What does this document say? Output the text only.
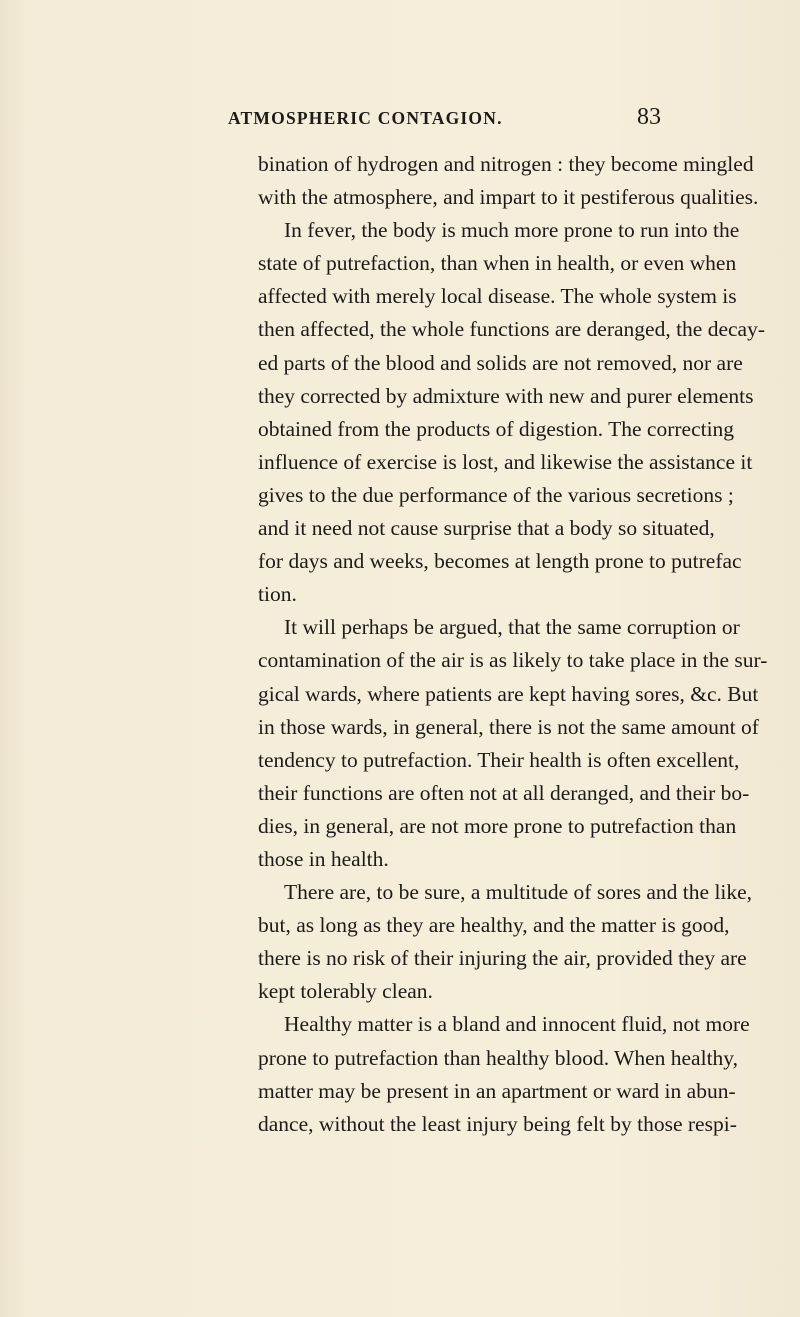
ATMOSPHERIC CONTAGION.	83
bination of hydrogen and nitrogen : they become mingled
with the atmosphere, and impart to it pestiferous qualities.
In fever, the body is much more prone to run into the
state of putrefaction, than when in health, or even when
affected with merely local disease. The whole system is
then affected, the whole functions are deranged, the decay-
ed parts of the blood and solids are not removed, nor are
they corrected by admixture with new and purer elements
obtained from the products of digestion. The correcting
influence of exercise is lost, and likewise the assistance it
gives to the due performance of the various secretions ;
and it need not cause surprise that a body so situated,
for days and weeks, becomes at length prone to putrefac
tion.
It will perhaps be argued, that the same corruption or
contamination of the air is as likely to take place in the sur-
gical wards, where patients are kept having sores, &c. But
in those wards, in general, there is not the same amount of
tendency to putrefaction. Their health is often excellent,
their functions are often not at all deranged, and their bo-
dies, in general, are not more prone to putrefaction than
those in health.
There are, to be sure, a multitude of sores and the like,
but, as long as they are healthy, and the matter is good,
there is no risk of their injuring the air, provided they are
kept tolerably clean.
Healthy matter is a bland and innocent fluid, not more
prone to putrefaction than healthy blood. When healthy,
matter may be present in an apartment or ward in abun-
dance, without the least injury being felt by those respi-
